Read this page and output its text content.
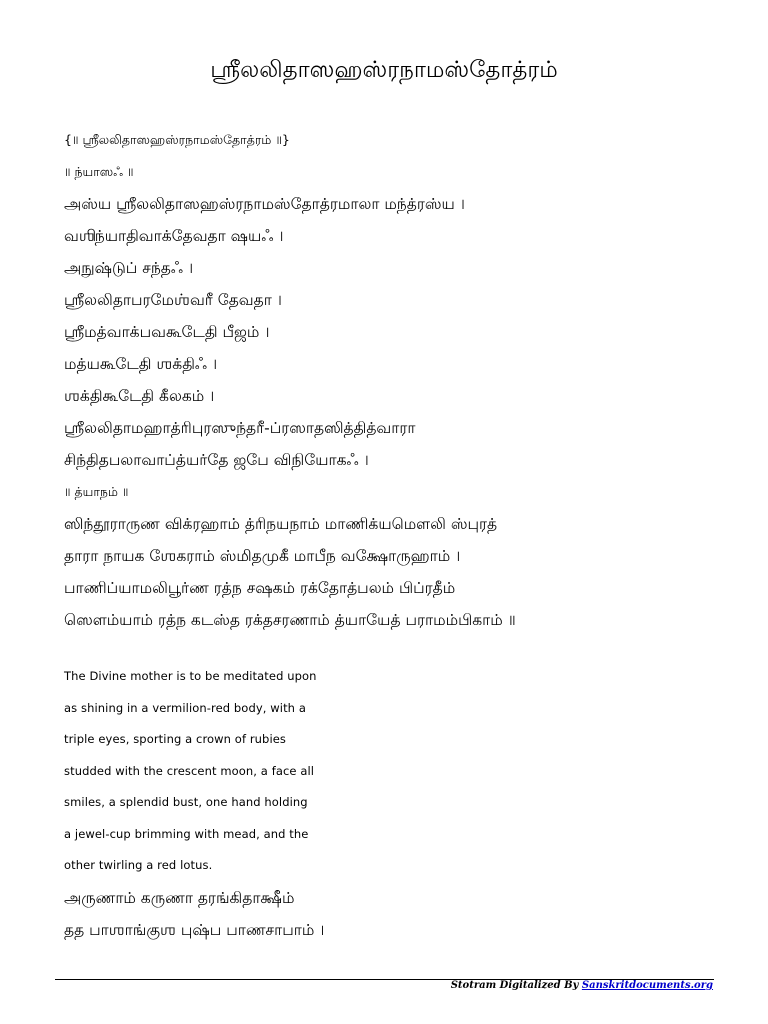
ஶ்ரீலலிதாஸஹஸ்ரநாமஸ்தோத்ரம்
{॥ ஶ்ரீலலிதாஸஹஸ்ரநாமஸ்தோத்ரம் ॥}
॥ ந்யாஸஃ ॥
அஸ்ய ஶ்ரீலலிதாஸஹஸ்ரநாமஸ்தோத்ரமாலா மந்த்ரஸ்ய ।
வஶிந்யாதிவாக்தேவதா ஷயஃ ।
அநுஷ்டுப் சந்தஃ ।
ஶ்ரீலலிதாபரமேஶ்வரீ தேவதா ।
ஶ்ரீமத்வாக்பவகூடேதி பீஜம் ।
மத்யகூடேதி ஶக்திஃ ।
ஶக்திகூடேதி கீலகம் ।
ஶ்ரீலலிதாமஹாத்ரிபுரஸுந்தரீ-ப்ரஸாதஸித்தித்வாரா
சிந்திதபலாவாப்த்யர்தே ஜபே விநியோகஃ ।
॥ த்யாநம் ॥
ஸிந்தூராருண விக்ரஹாம் த்ரிநயநாம் மாணிக்யமௌலி ஸ்புரத்
தாரா நாயக ஶேகராம் ஸ்மிதமுகீ மாபீந வக்ஷோருஹாம் ।
பாணிப்யாமலிபூர்ண ரத்ந சஷகம் ரக்தோத்பலம் பிப்ரதீம்
ஸௌம்யாம் ரத்ந கடஸ்த ரக்தசரணாம் த்யாயேத் பராமம்பிகாம் ॥
The Divine mother is to be meditated upon
as shining in a vermilion-red body, with a
triple eyes, sporting a crown of rubies
studded with the crescent moon, a face all
smiles, a splendid bust, one hand holding
a jewel-cup brimming with mead, and the
other twirling a red lotus.
அருணாம் கருணா தரங்கிதாக்ஷீம்
தத பாஶாங்குஶ புஷ்ப பாணசாபாம் ।
Stotram Digitalized By Sanskritdocuments.org
